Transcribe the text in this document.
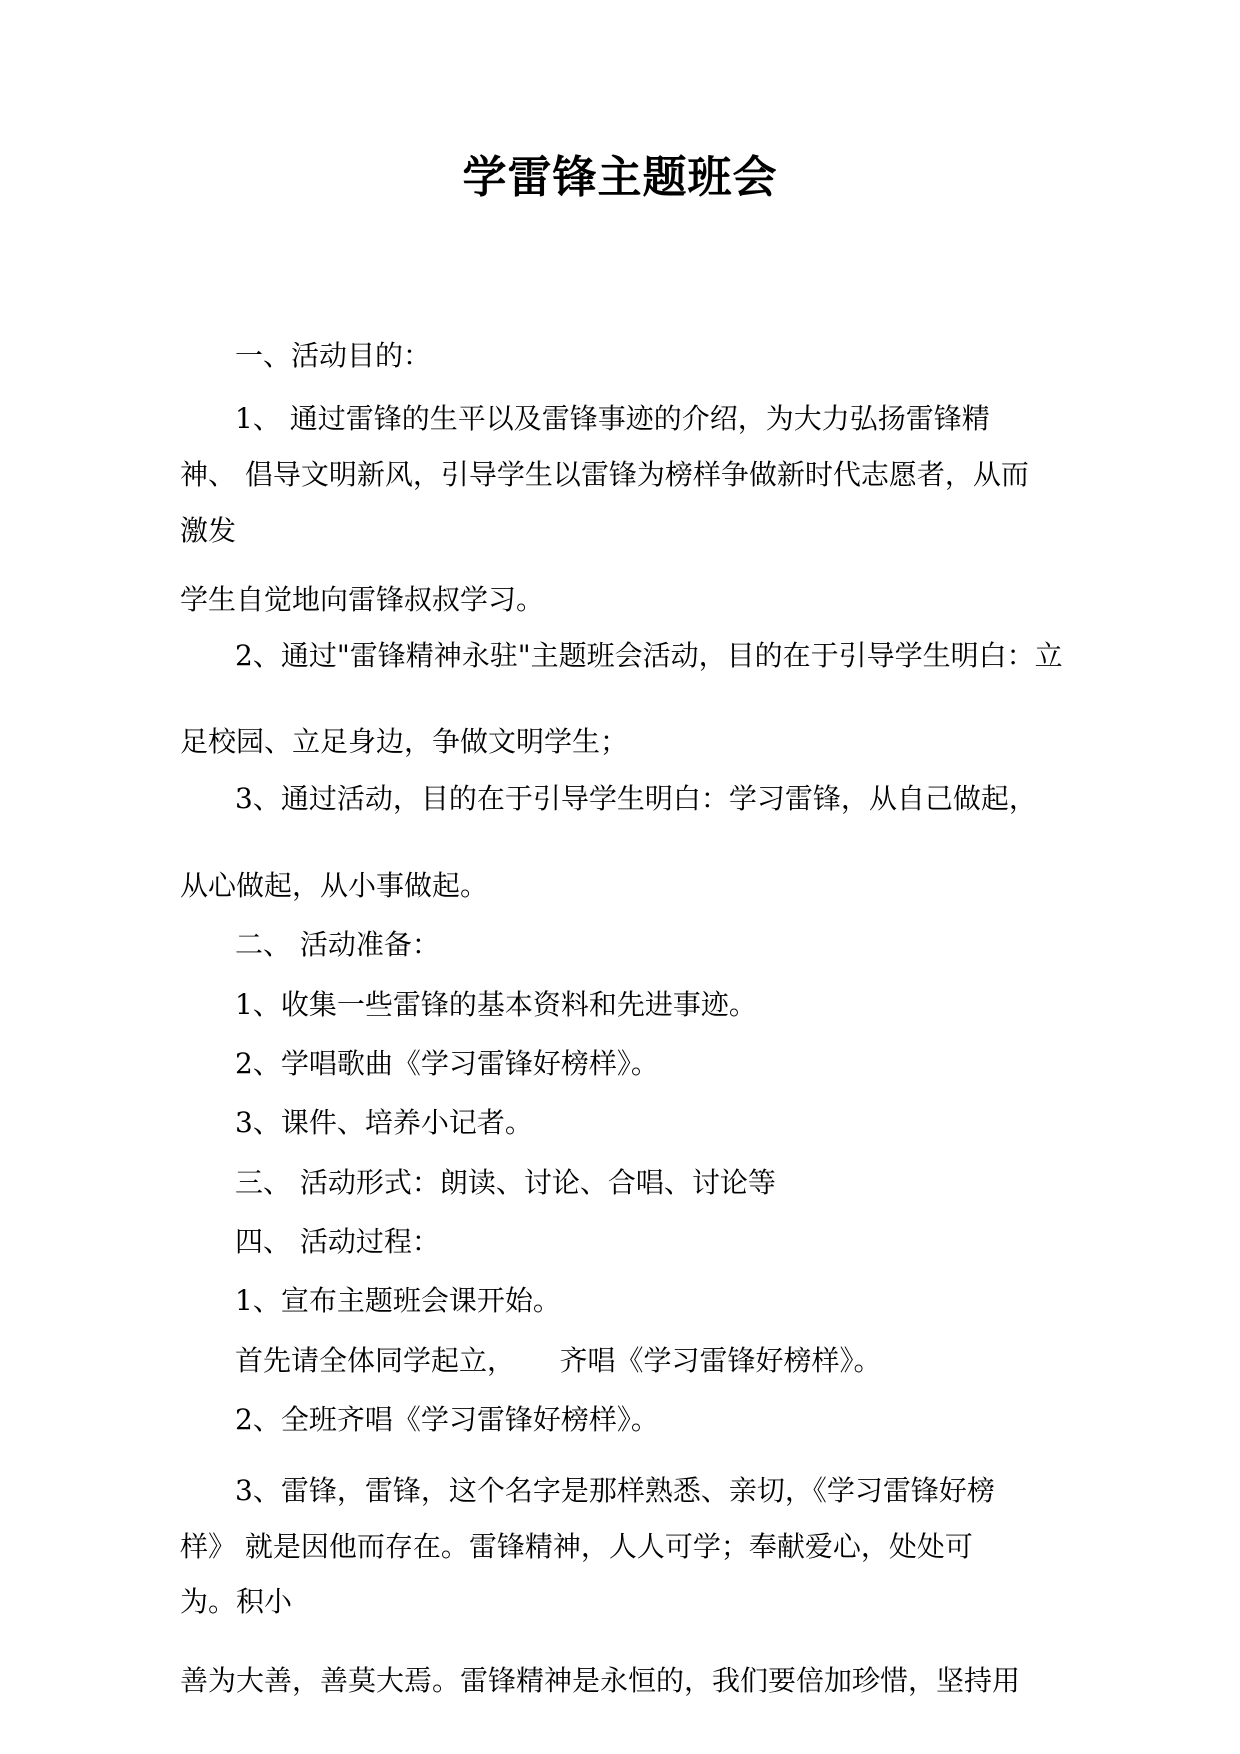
学雷锋主题班会
一、活动目的：
1、 通过雷锋的生平以及雷锋事迹的介绍，为大力弘扬雷锋精
神、 倡导文明新风，引导学生以雷锋为榜样争做新时代志愿者，从而
激发
学生自觉地向雷锋叔叔学习。
2、通过"雷锋精神永驻"主题班会活动，目的在于引导学生明白：立
足校园、立足身边，争做文明学生；
3、通过活动，目的在于引导学生明白：学习雷锋，从自己做起，
从心做起，从小事做起。
二、 活动准备：
1、收集一些雷锋的基本资料和先进事迹。
2、学唱歌曲《学习雷锋好榜样》。
3、课件、培养小记者。
三、 活动形式：朗读、讨论、合唱、讨论等
四、 活动过程：
1、宣布主题班会课开始。
首先请全体同学起立，     齐唱《学习雷锋好榜样》。
2、全班齐唱《学习雷锋好榜样》。
3、雷锋，雷锋，这个名字是那样熟悉、亲切，《学习雷锋好榜
样》 就是因他而存在。雷锋精神，人人可学；奉献爱心，处处可
为。积小
善为大善，善莫大焉。雷锋精神是永恒的，我们要倍加珍惜，坚持用
